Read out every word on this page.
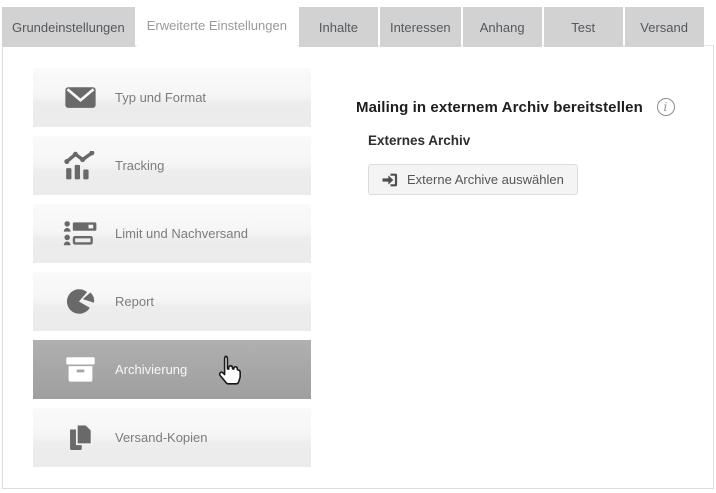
Grundeinstellungen	Erweiterte Einstellungen	Inhalte	Interessen	Anhang	Test	Versand
Typ und Format
Tracking
Limit und Nachversand
Report
Archivierung
Versand-Kopien
Mailing in externem Archiv bereitstellen	i
Externes Archiv
Externe Archive auswählen
